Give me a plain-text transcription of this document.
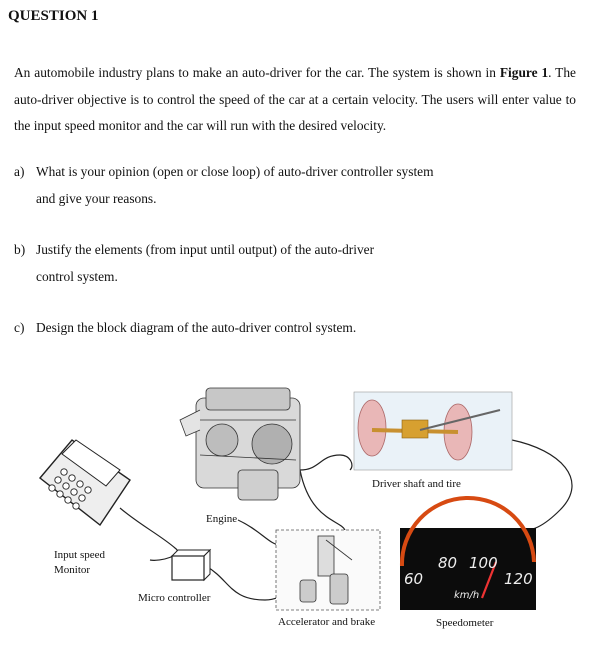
QUESTION 1
An automobile industry plans to make an auto-driver for the car. The system is shown in Figure 1. The auto-driver objective is to control the speed of the car at a certain velocity. The users will enter value to the input speed monitor and the car will run with the desired velocity.
a) What is your opinion (open or close loop) of auto-driver controller system
and give your reasons.
b) Justify the elements (from input until output) of the auto-driver
control system.
c) Design the block diagram of the auto-driver control system.
60
80 100
120
km/h
Engine
Input speed
Monitor
Micro controller
Driver shaft and tire
Accelerator and brake	Speedometer
